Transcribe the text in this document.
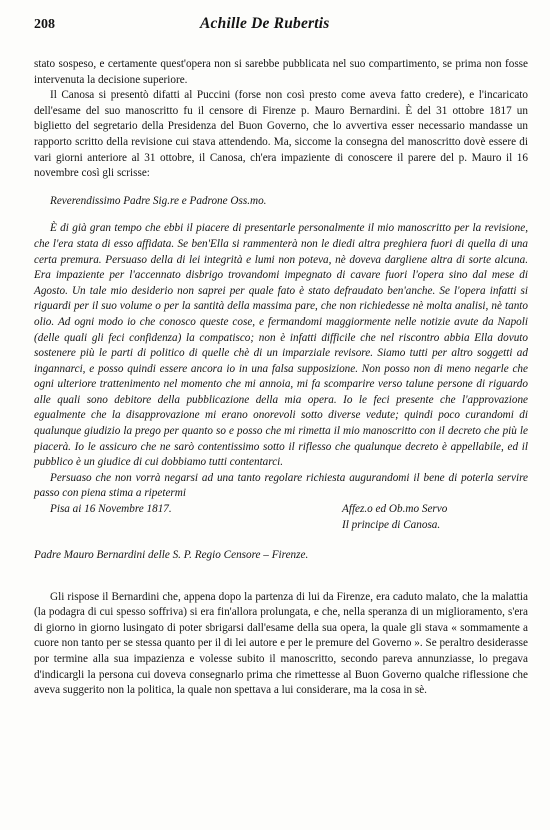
208	Achille De Rubertis

stato sospeso, e certamente quest'opera non si sarebbe pubblicata nel suo compartimento, se prima non fosse intervenuta la decisione superiore.

Il Canosa si presentò difatti al Puccini (forse non così presto come aveva fatto credere), e l'incaricato dell'esame del suo manoscritto fu il censore di Firenze p. Mauro Bernardini. È del 31 ottobre 1817 un biglietto del segretario della Presidenza del Buon Governo, che lo avvertiva esser necessario mandasse un rapporto scritto della revisione cui stava attendendo. Ma, siccome la consegna del manoscritto dovè essere di vari giorni anteriore al 31 ottobre, il Canosa, ch'era impaziente di conoscere il parere del p. Mauro il 16 novembre così gli scrisse:

Reverendissimo Padre Sig.re e Padrone Oss.mo.

È di già gran tempo che ebbi il piacere di presentarle personalmente il mio manoscritto per la revisione, che l'era stata di esso affidata. Se ben'Ella si rammenterà non le diedi altra preghiera fuori di quella di una certa premura. Persuaso della di lei integrità e lumi non poteva, nè doveva dargliene altra di sorte alcuna. Era impaziente per l'accennato disbrigo trovandomi impegnato di cavare fuori l'opera sino dal mese di Agosto. Un tale mio desiderio non saprei per quale fato è stato defraudato ben'anche. Se l'opera infatti si riguardi per il suo volume o per la santità della massima pare, che non richiedesse nè molta analisi, nè tanto olio. Ad ogni modo io che conosco queste cose, e fermandomi maggiormente nelle notizie avute da Napoli (delle quali gli feci confidenza) la compatisco; non è infatti difficile che nel riscontro abbia Ella dovuto sostenere più le parti di politico di quelle chè di un imparziale revisore. Siamo tutti per altro soggetti ad ingannarci, e posso quindi essere ancora io in una falsa supposizione. Non posso non di meno negarle che ogni ulteriore trattenimento nel momento che mi annoia, mi fa scomparire verso talune persone di riguardo alle quali sono debitore della pubblicazione della mia opera. Io le feci presente che l'approvazione egualmente che la disapprovazione mi erano onorevoli sotto diverse vedute; quindi poco curandomi di qualunque giudizio la prego per quanto so e posso che mi rimetta il mio manoscritto con il decreto che più le piacerà. Io le assicuro che ne sarò contentissimo sotto il riflesso che qualunque decreto è appellabile, ed il pubblico è un giudice di cui dobbiamo tutti contentarci.

Persuaso che non vorrà negarsi ad una tanto regolare richiesta augurandomi il bene di poterla servire passo con piena stima a ripetermi

Pisa ai 16 Novembre 1817.	Affez.o ed Ob.mo Servo
Il principe di Canosa.

Padre Mauro Bernardini delle S. P. Regio Censore – Firenze.

Gli rispose il Bernardini che, appena dopo la partenza di lui da Firenze, era caduto malato, che la malattia (la podagra di cui spesso soffriva) si era fin'allora prolungata, e che, nella speranza di un miglioramento, s'era di giorno in giorno lusingato di poter sbrigarsi dall'esame della sua opera, la quale gli stava « sommamente a cuore non tanto per se stessa quanto per il di lei autore e per le premure del Governo ». Se peraltro desiderasse por termine alla sua impazienza e volesse subito il manoscritto, secondo pareva annunziasse, lo pregava d'indicargli la persona cui doveva consegnarlo prima che rimettesse al Buon Governo qualche riflessione che aveva suggerito non la politica, la quale non spettava a lui considerare, ma la cosa in sè.
